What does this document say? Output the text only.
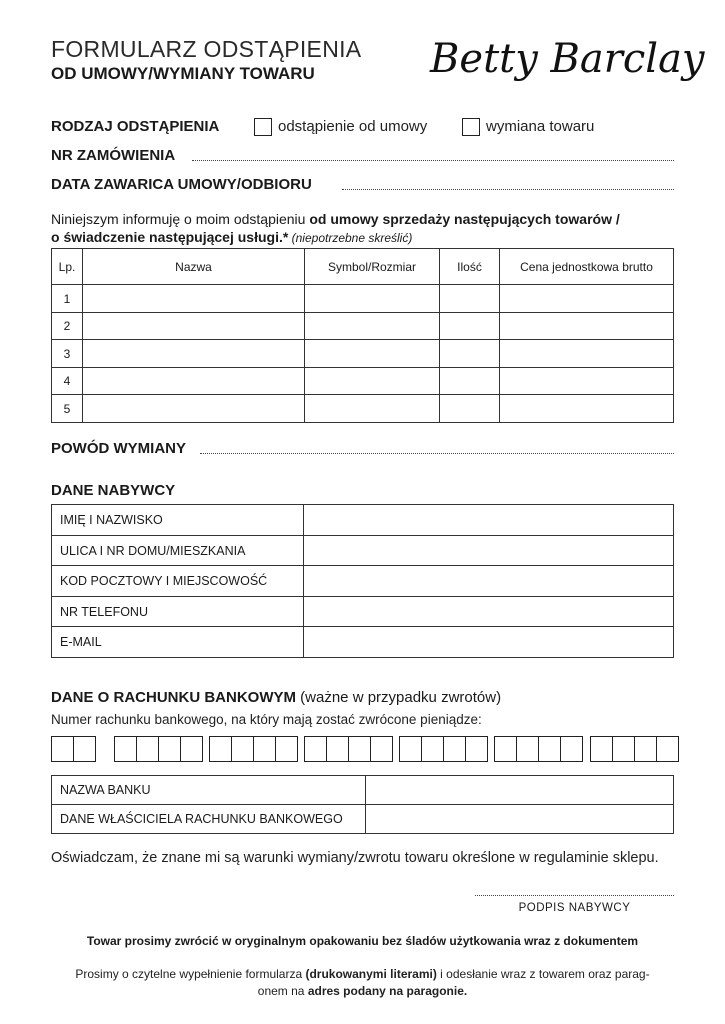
FORMULARZ ODSTĄPIENIA
OD UMOWY/WYMIANY TOWARU	Betty Barclay
RODZAJ ODSTĄPIENIA	odstąpienie od umowy	wymiana towaru
NR ZAMÓWIENIA
DATA ZAWARICA UMOWY/ODBIORU
Niniejszym informuję o moim odstąpieniu od umowy sprzedaży następujących towarów /
o świadczenie następującej usługi.* (niepotrzebne skreślić)
Lp.	Nazwa	Symbol/Rozmiar	Ilość	Cena jednostkowa brutto
1				
2				
3				
4				
5				
POWÓD WYMIANY
DANE NABYWCY
IMIĘ I NAZWISKO	
ULICA I NR DOMU/MIESZKANIA	
KOD POCZTOWY I MIEJSCOWOŚĆ	
NR TELEFONU	
E-MAIL	
DANE O RACHUNKU BANKOWYM (ważne w przypadku zwrotów)
Numer rachunku bankowego, na który mają zostać zwrócone pieniądze:
NAZWA BANKU	
DANE WŁAŚCICIELA RACHUNKU BANKOWEGO	
Oświadczam, że znane mi są warunki wymiany/zwrotu towaru określone w regulaminie sklepu.
PODPIS NABYWCY
Towar prosimy zwrócić w oryginalnym opakowaniu bez śladów użytkowania wraz z dokumentem
Prosimy o czytelne wypełnienie formularza (drukowanymi literami) i odesłanie wraz z towarem oraz parag-
onem na adres podany na paragonie.
